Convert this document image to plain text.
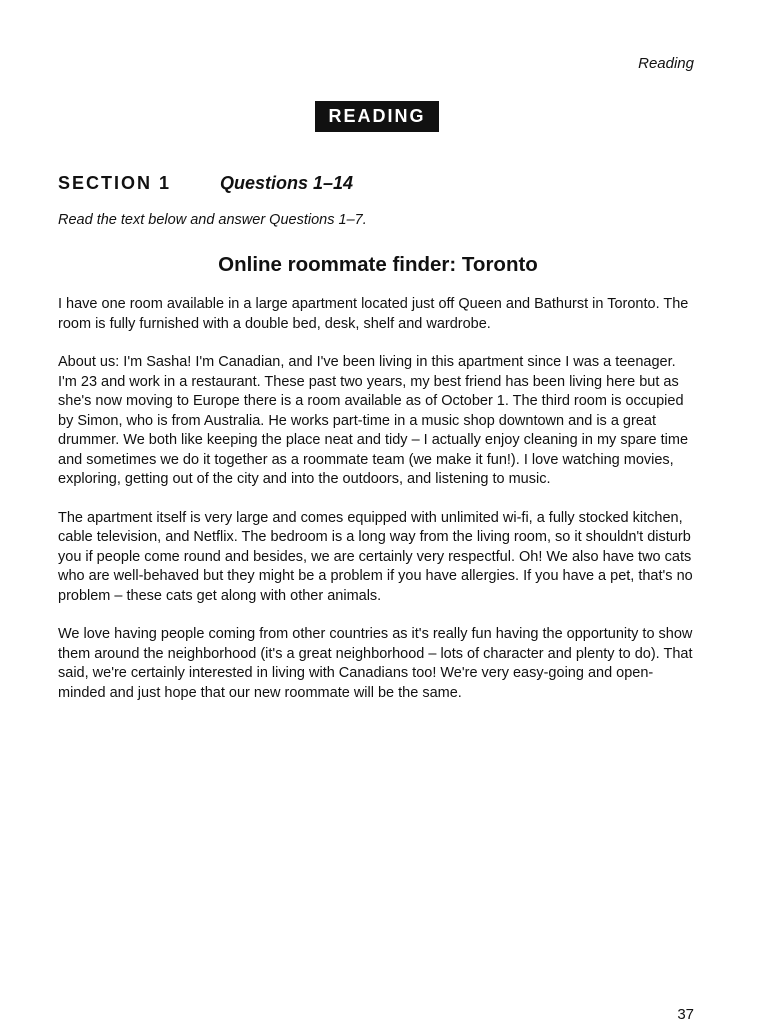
Reading

READING
SECTION 1	Questions 1–14

Read the text below and answer Questions 1–7.

Online roommate finder: Toronto

I have one room available in a large apartment located just off Queen and Bathurst in Toronto. The room is fully furnished with a double bed, desk, shelf and wardrobe.

About us: I'm Sasha! I'm Canadian, and I've been living in this apartment since I was a teenager. I'm 23 and work in a restaurant. These past two years, my best friend has been living here but as she's now moving to Europe there is a room available as of October 1. The third room is occupied by Simon, who is from Australia. He works part-time in a music shop downtown and is a great drummer. We both like keeping the place neat and tidy – I actually enjoy cleaning in my spare time and sometimes we do it together as a roommate team (we make it fun!). I love watching movies, exploring, getting out of the city and into the outdoors, and listening to music.

The apartment itself is very large and comes equipped with unlimited wi-fi, a fully stocked kitchen, cable television, and Netflix. The bedroom is a long way from the living room, so it shouldn't disturb you if people come round and besides, we are certainly very respectful. Oh! We also have two cats who are well-behaved but they might be a problem if you have allergies. If you have a pet, that's no problem – these cats get along with other animals.

We love having people coming from other countries as it's really fun having the opportunity to show them around the neighborhood (it's a great neighborhood – lots of character and plenty to do). That said, we're certainly interested in living with Canadians too! We're very easy-going and open-minded and just hope that our new roommate will be the same.

37
